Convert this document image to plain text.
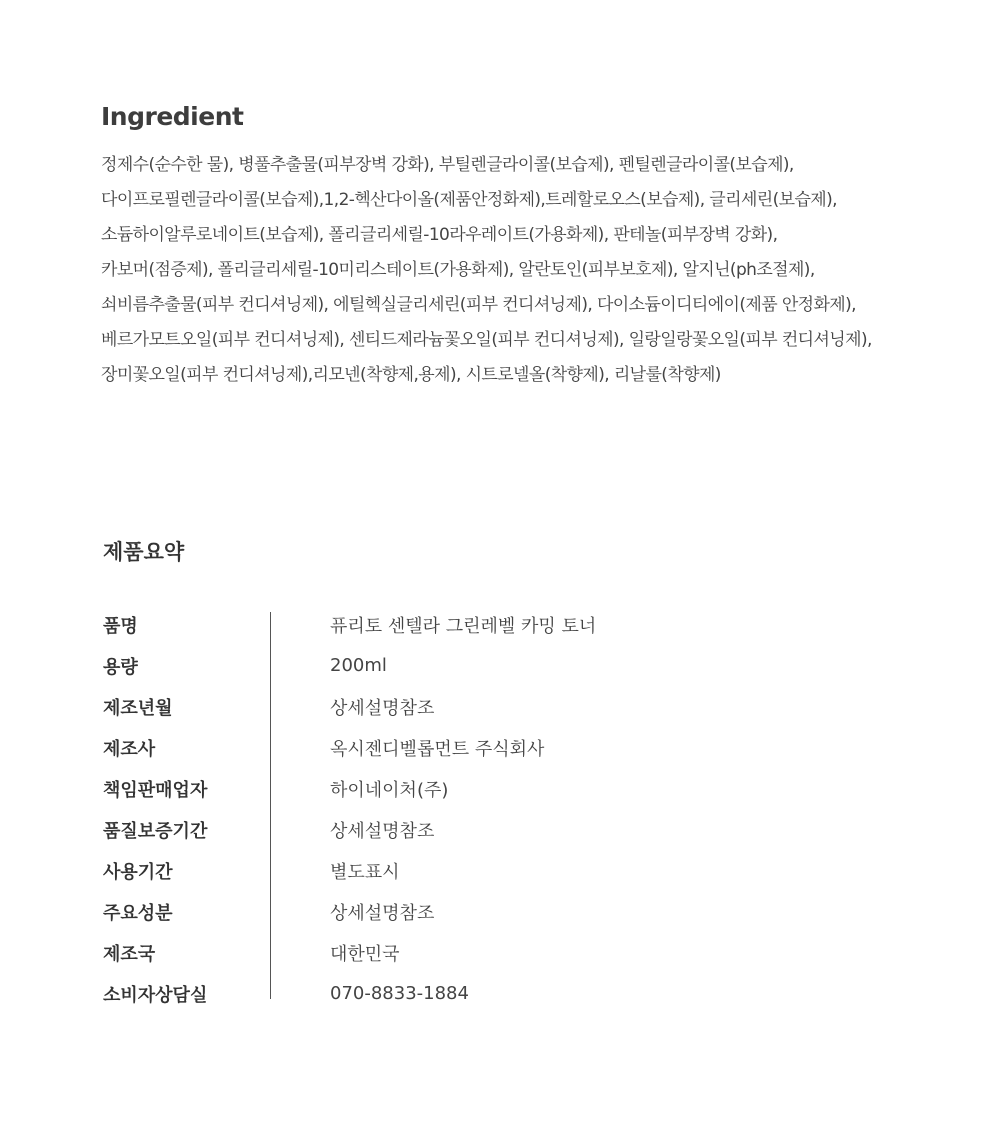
Ingredient
정제수(순수한 물), 병풀추출물(피부장벽 강화), 부틸렌글라이콜(보습제), 펜틸렌글라이콜(보습제),
다이프로필렌글라이콜(보습제),1,2-헥산다이올(제품안정화제),트레할로오스(보습제), 글리세린(보습제),
소듐하이알루로네이트(보습제), 폴리글리세릴-10라우레이트(가용화제), 판테놀(피부장벽 강화),
카보머(점증제), 폴리글리세릴-10미리스테이트(가용화제), 알란토인(피부보호제), 알지닌(ph조절제),
쇠비름추출물(피부 컨디셔닝제), 에틸헥실글리세린(피부 컨디셔닝제), 다이소듐이디티에이(제품 안정화제),
베르가모트오일(피부 컨디셔닝제), 센티드제라늄꽃오일(피부 컨디셔닝제), 일랑일랑꽃오일(피부 컨디셔닝제),
장미꽃오일(피부 컨디셔닝제),리모넨(착향제,용제), 시트로넬올(착향제), 리날룰(착향제)
제품요약
품명	퓨리토 센텔라 그린레벨 카밍 토너
용량	200ml
제조년월	상세설명참조
제조사	옥시젠디벨롭먼트 주식회사
책임판매업자	하이네이처(주)
품질보증기간	상세설명참조
사용기간	별도표시
주요성분	상세설명참조
제조국	대한민국
소비자상담실	070-8833-1884
